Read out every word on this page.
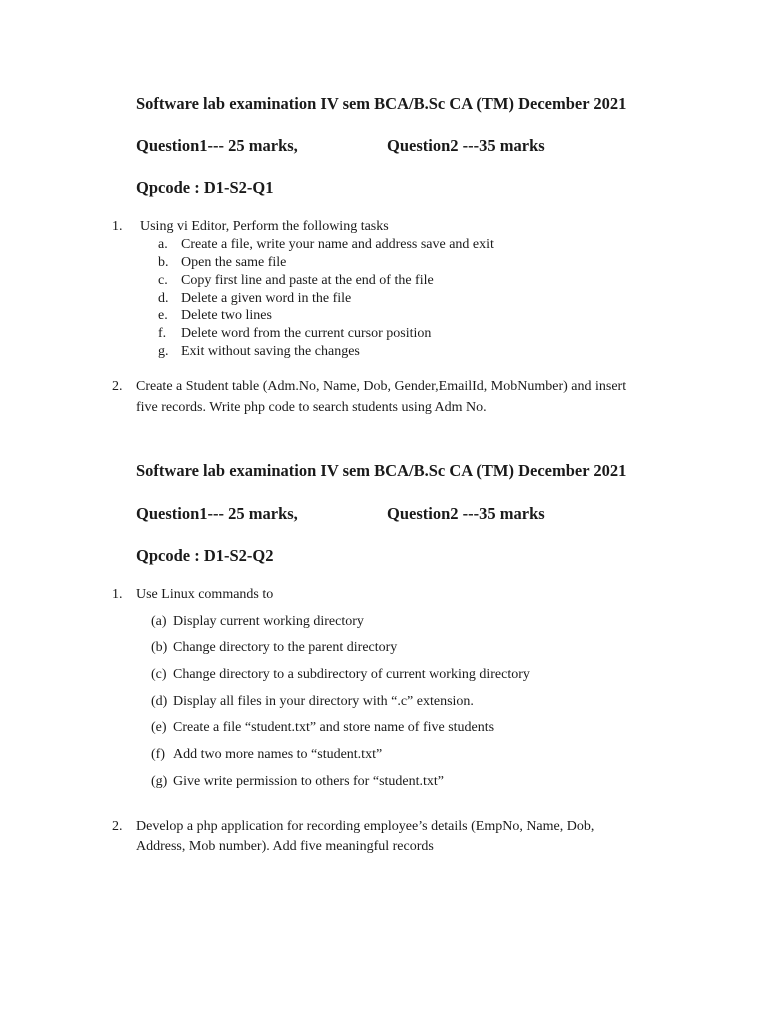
Software lab examination IV sem BCA/B.Sc CA (TM) December 2021
Question1--- 25 marks,	Question2 ---35 marks
Qpcode : D1-S2-Q1
1. Using vi Editor, Perform the following tasks
a. Create a file, write your name and address save and exit
b. Open the same file
c. Copy first line and paste at the end of the file
d. Delete a given word in the file
e. Delete two lines
f. Delete word from the current cursor position
g. Exit without saving the changes
2. Create a Student table (Adm.No, Name, Dob, Gender,EmailId, MobNumber) and insert
five records. Write php code to search students using Adm No.
Software lab examination IV sem BCA/B.Sc CA (TM) December 2021
Question1--- 25 marks,	Question2 ---35 marks
Qpcode : D1-S2-Q2
1. Use Linux commands to
(a) Display current working directory
(b) Change directory to the parent directory
(c) Change directory to a subdirectory of current working directory
(d) Display all files in your directory with “.c” extension.
(e) Create a file “student.txt” and store name of five students
(f) Add two more names to “student.txt”
(g) Give write permission to others for “student.txt”
2. Develop a php application for recording employee’s details (EmpNo, Name, Dob,
Address, Mob number). Add five meaningful records
